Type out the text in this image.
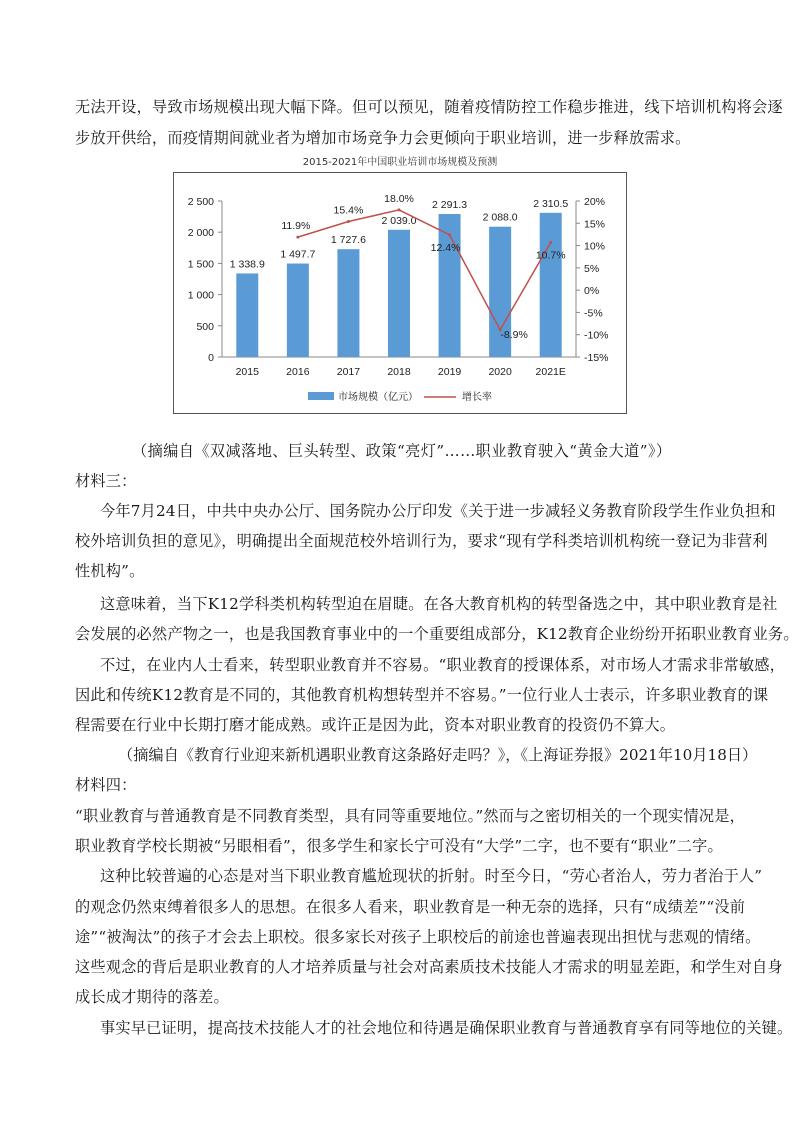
无法开设，导致市场规模出现大幅下降。但可以预见，随着疫情防控工作稳步推进，线下培训机构将会逐
步放开供给，而疫情期间就业者为增加市场竞争力会更倾向于职业培训，进一步释放需求。
2015-2021年中国职业培训市场规模及预测
0
500
1 000
1 500
2 000
2 500
-15%
-10%
-5%
0%
5%
10%
15%
20%
1 338.9
1 497.7
1 727.6
2 039.0
2 291.3
2 088.0
2 310.5
2015	2016	2017	2018	2019	2020 2021E
11.9%
15.4%
18.0%
12.4%
-8.9%
10.7%
市场规模（亿元）	增长率
（摘编自《双减落地、巨头转型、政策“亮灯”……职业教育驶入“黄金大道”》）
材料三：
今年7月24日，中共中央办公厅、国务院办公厅印发《关于进一步减轻义务教育阶段学生作业负担和
校外培训负担的意见》，明确提出全面规范校外培训行为，要求“现有学科类培训机构统一登记为非营利
性机构”。
这意味着，当下K12学科类机构转型迫在眉睫。在各大教育机构的转型备选之中，其中职业教育是社
会发展的必然产物之一，也是我国教育事业中的一个重要组成部分，K12教育企业纷纷开拓职业教育业务。
不过，在业内人士看来，转型职业教育并不容易。“职业教育的授课体系，对市场人才需求非常敏感，
因此和传统K12教育是不同的，其他教育机构想转型并不容易。”一位行业人士表示，许多职业教育的课
程需要在行业中长期打磨才能成熟。或许正是因为此，资本对职业教育的投资仍不算大。
（摘编自《教育行业迎来新机遇职业教育这条路好走吗？》，《上海证券报》2021年10月18日）
材料四：
“职业教育与普通教育是不同教育类型，具有同等重要地位。”然而与之密切相关的一个现实情况是，
职业教育学校长期被“另眼相看”，很多学生和家长宁可没有“大学”二字，也不要有“职业”二字。
这种比较普遍的心态是对当下职业教育尴尬现状的折射。时至今日，“劳心者治人，劳力者治于人”
的观念仍然束缚着很多人的思想。在很多人看来，职业教育是一种无奈的选择，只有“成绩差”“没前
途”“被淘汰”的孩子才会去上职校。很多家长对孩子上职校后的前途也普遍表现出担忧与悲观的情绪。
这些观念的背后是职业教育的人才培养质量与社会对高素质技术技能人才需求的明显差距，和学生对自身
成长成才期待的落差。
事实早已证明，提高技术技能人才的社会地位和待遇是确保职业教育与普通教育享有同等地位的关键。
